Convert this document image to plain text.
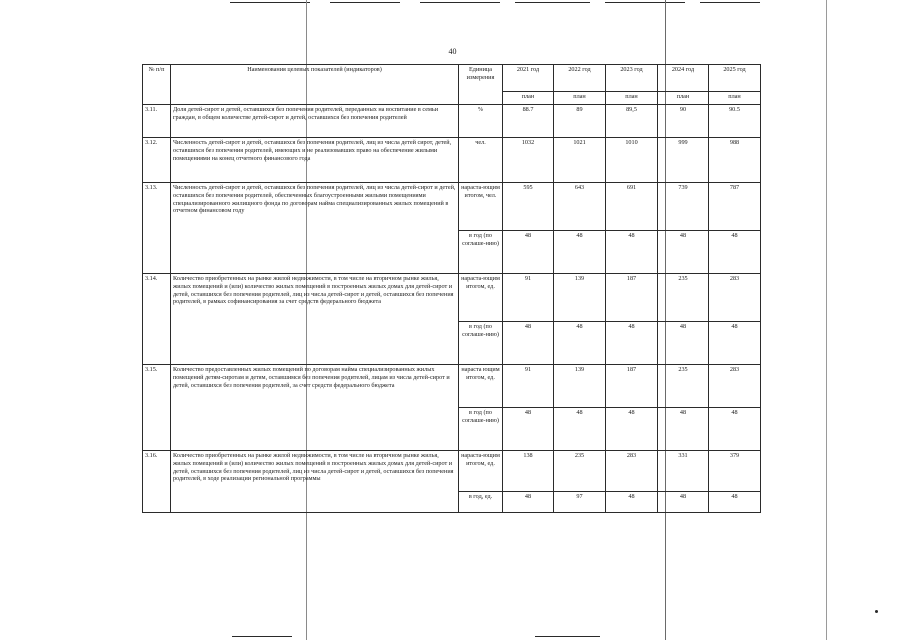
40
№ п/п	Наименования целевых показателей (индикаторов)	Единица измерения	2021 год	2022 год	2023 год	2024 год	2025 год
			план	план	план	план	план
3.11.	Доля детей-сирот и детей, оставшихся без попечения родителей, переданных на воспитание в семьи граждан, в общем количестве детей-сирот и детей, оставшихся без попечения родителей	%	88.7	89	89,5	90	90.5
3.12.	Численность детей-сирот и детей, оставшихся без попечения родителей, лиц из числа детей сирот, детей, оставшихся без попечения родителей, имеющих и не реализовавших право на обеспечение жилыми помещениями на конец отчетного финансового года	чел.	1032	1021	1010	999	988
3.13.	Численность детей-сирот и детей, оставшихся без попечения родителей, лиц из числа детей-сирот и детей, оставшихся без попечения родителей, обеспеченных благоустроенными жилыми помещениями специализированного жилищного фонда по договорам найма специализированных жилых помещений в отчетном финансовом году	нараста-ющим итогом, чел.	595	643	691	739	787
		в год (по соглаше-нию)	48	48	48	48	48
3.14.	Количество приобретенных на рынке жилой недвижимости, в том числе на вторичном рынке жилья, жилых помещений и (или) количество жилых помещений в построенных жилых домах для детей-сирот и детей, оставшихся без попечения родителей, лиц из числа детей-сирот и детей, оставшихся без попечения родителей, в рамках софинансирования за счет средств федерального бюджета	нараста-ющим итогом, ед.	91	139	187	235	283
		в год (по соглаше-нию)	48	48	48	48	48
3.15.	Количество предоставленных жилых помещений по договорам найма специализированных жилых помещений детям-сиротам и детям, оставшимся без попечения родителей, лицам из числа детей-сирот и детей, оставшихся без попечения родителей, за счет средств федерального бюджета	нараста ющим итогом, ед.	91	139	187	235	283
		в год (по соглаше-нию)	48	48	48	48	48
3.16.	Количество приобретенных на рынке жилой недвижимости, в том числе на вторичном рынке жилья, жилых помещений и (или) количество жилых помещений в построенных жилых домах для детей-сирот и детей, оставшихся без попечения родителей, лиц из числа детей-сирот и детей, оставшихся без попечения родителей, в ходе реализации региональной программы	нараста-ющим итогом, ед.	138	235	283	331	379
		в год, ед.	48	97	48	48	48
